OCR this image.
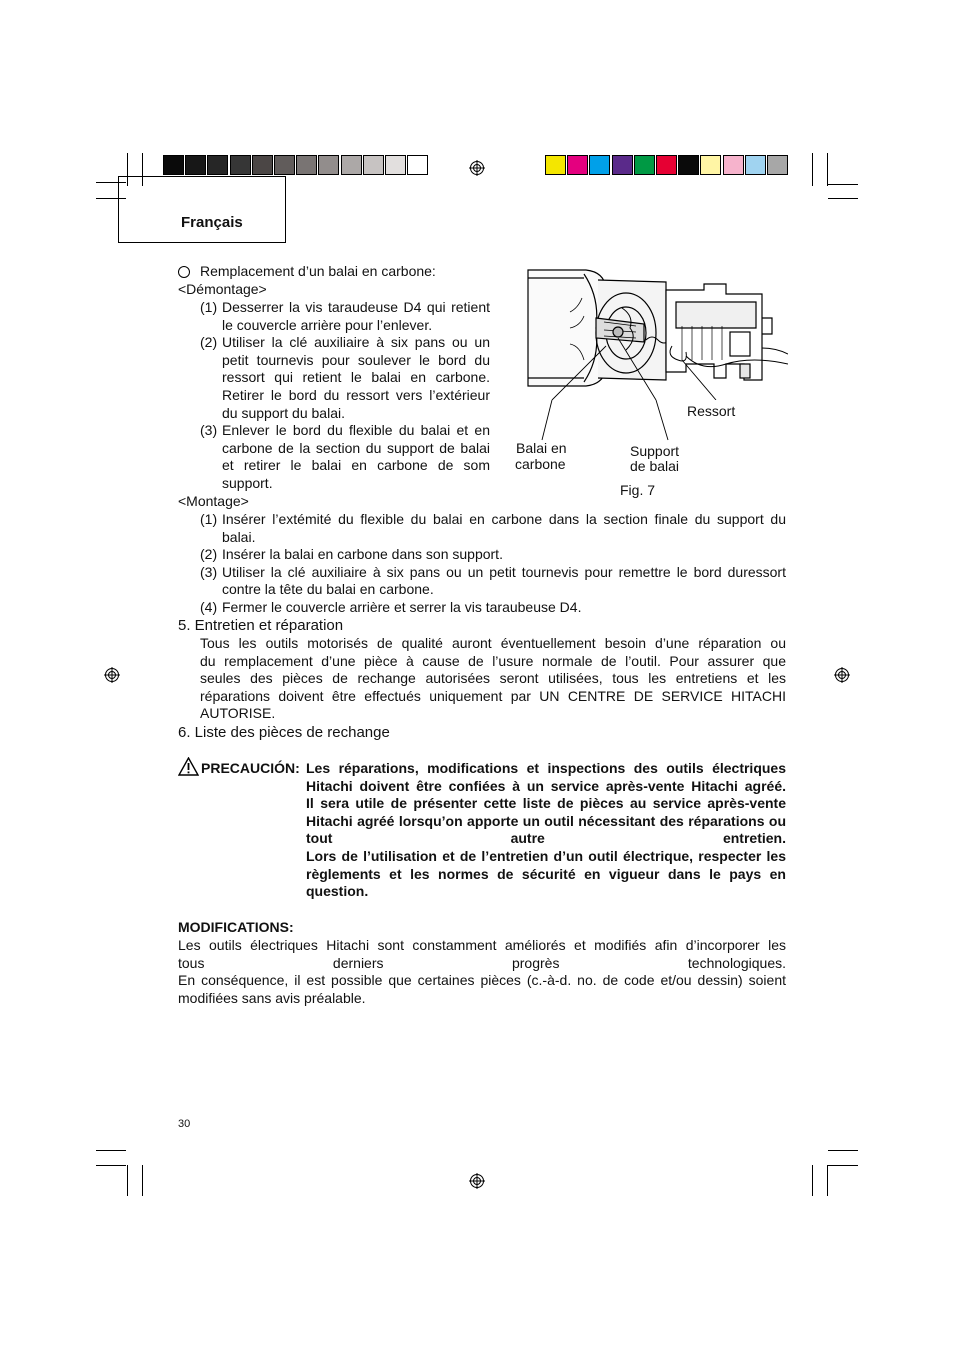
Français
Remplacement d’un balai en carbone:
<Démontage>
(1) Desserrer la vis taraudeuse D4 qui retient
le couvercle arrière pour l’enlever.
(2) Utiliser la clé auxiliaire à six pans ou un
petit tournevis pour soulever le bord du
ressort qui retient le balai en carbone.
Retirer le bord du ressort vers l’extérieur
du support du balai.
(3) Enlever le bord du flexible du balai et en
carbone de la section du support de balai
et retirer le balai en carbone de som
support.
<Montage>
(1) Insérer l’extémité du flexible du balai en carbone dans la section finale du support du
balai.
(2) Insérer la balai en carbone dans son support.
(3) Utiliser la clé auxiliaire à six pans ou un petit tournevis pour remettre le bord duressort
contre la tête du balai en carbone.
(4) Fermer le couvercle arrière et serrer la vis taraubeuse D4.
Ressort
Balai en
carbone
Support
de balai
Fig. 7
5. Entretien et réparation
Tous les outils motorisés de qualité auront éventuellement besoin d’une réparation ou
du remplacement d’une pièce à cause de l’usure normale de l’outil. Pour assurer que
seules des pièces de rechange autorisées seront utilisées, tous les entretiens et les
réparations doivent être effectués uniquement par UN CENTRE DE SERVICE HITACHI
AUTORISE.
6. Liste des pièces de rechange
PRECAUCIÓN: Les réparations, modifications et inspections des outils électriques
Hitachi doivent être confiées à un service après-vente Hitachi agréé.
Il sera utile de présenter cette liste de pièces au service après-vente
Hitachi agréé lorsqu’on apporte un outil nécessitant des réparations ou
tout autre entretien.
Lors de l’utilisation et de l’entretien d’un outil électrique, respecter les
règlements et les normes de sécurité en vigueur dans le pays en
question.
MODIFICATIONS:
Les outils électriques Hitachi sont constamment améliorés et modifiés afin d’incorporer les
tous derniers progrès technologiques.
En conséquence, il est possible que certaines pièces (c.-à-d. no. de code et/ou dessin) soient
modifiées sans avis préalable.
30
